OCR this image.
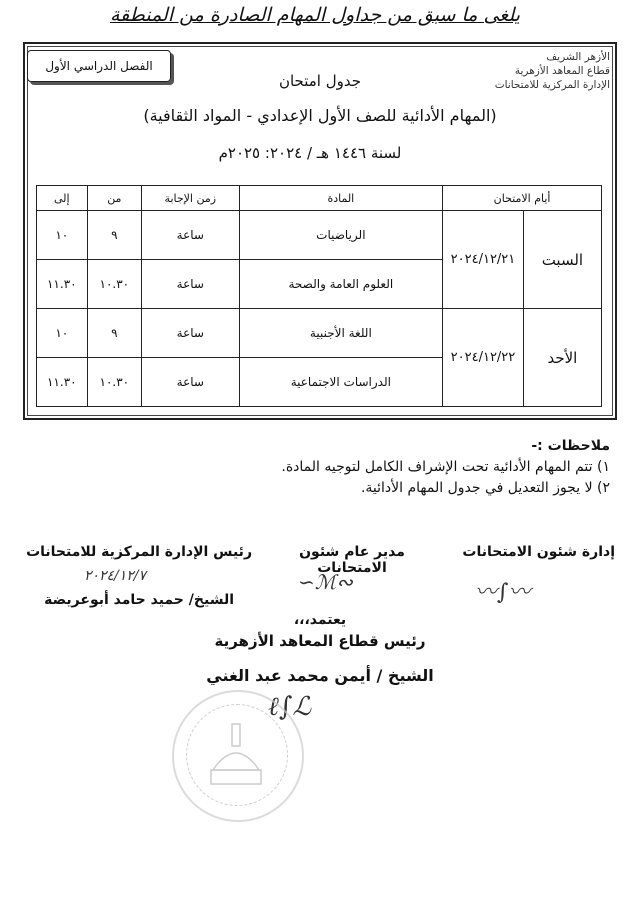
يلغى ما سبق من جداول المهام الصادرة من المنطقة
الفصل الدراسي الأول
الأزهر الشريف
قطاع المعاهد الأزهرية
الإدارة المركزية للامتحانات
جدول امتحان
(المهام الأدائية للصف الأول الإعدادي - المواد الثقافية)
لسنة ١٤٤٦ هـ / ٢٠٢٤: ٢٠٢٥م
أيام الامتحان		المادة	زمن الإجابة	من	إلى
السبت	٢٠٢٤/١٢/٢١	الرياضيات	ساعة	٩	١٠
		العلوم العامة والصحة	ساعة	١٠.٣٠	١١.٣٠
الأحد	٢٠٢٤/١٢/٢٢	اللغة الأجنبية	ساعة	٩	١٠
		الدراسات الاجتماعية	ساعة	١٠.٣٠	١١.٣٠
ملاحظات :-
١) تتم المهام الأدائية تحت الإشراف الكامل لتوجيه المادة.
٢) لا يجوز التعديل في جدول المهام الأدائية.
إدارة شئون الامتحانات
〰∫〰
مدير عام شئون الامتحانات
∽ℳ∾
رئيس الإدارة المركزية للامتحانات
٢٠٢٤/١٢/٧
الشيخ/ حميد حامد أبوعريضة
يعتمد،،،
رئيس قطاع المعاهد الأزهرية
الشيخ / أيمن محمد عبد الغني
ℓ∫ℒ
